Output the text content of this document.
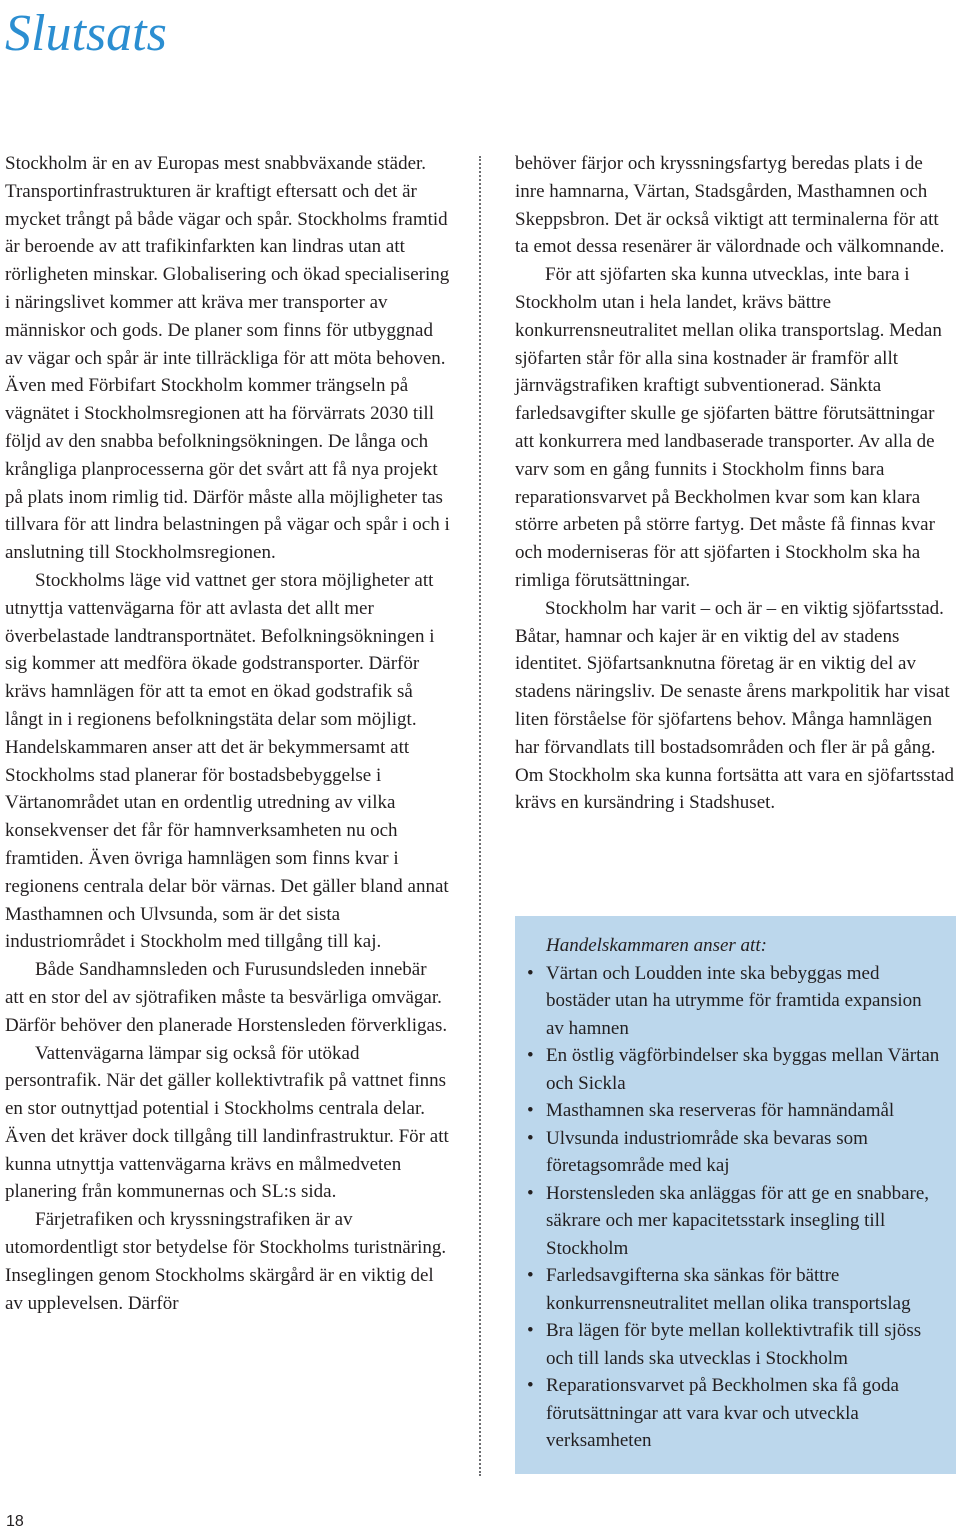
Slutsats

Stockholm är en av Europas mest snabbväxande städer. Transportinfrastrukturen är kraftigt eftersatt och det är mycket trångt på både vägar och spår. Stockholms framtid är beroende av att trafikinfarkten kan lindras utan att rörligheten minskar. Globalisering och ökad specialisering i näringslivet kommer att kräva mer transporter av människor och gods. De planer som finns för utbyggnad av vägar och spår är inte tillräckliga för att möta behoven. Även med Förbifart Stockholm kommer trängseln på vägnätet i Stockholmsregionen att ha förvärrats 2030 till följd av den snabba befolkningsökningen. De långa och krångliga planprocesserna gör det svårt att få nya projekt på plats inom rimlig tid. Därför måste alla möjligheter tas tillvara för att lindra belastningen på vägar och spår i och i anslutning till Stockholmsregionen.

Stockholms läge vid vattnet ger stora möjligheter att utnyttja vattenvägarna för att avlasta det allt mer överbelastade landtransportnätet. Befolkningsökningen i sig kommer att medföra ökade godstransporter. Därför krävs hamnlägen för att ta emot en ökad godstrafik så långt in i regionens befolkningstäta delar som möjligt. Handelskammaren anser att det är bekymmersamt att Stockholms stad planerar för bostadsbebyggelse i Värtanområdet utan en ordentlig utredning av vilka konsekvenser det får för hamnverksamheten nu och framtiden. Även övriga hamnlägen som finns kvar i regionens centrala delar bör värnas. Det gäller bland annat Masthamnen och Ulvsunda, som är det sista industriområdet i Stockholm med tillgång till kaj.

Både Sandhamnsleden och Furusundsleden innebär att en stor del av sjötrafiken måste ta besvärliga omvägar. Därför behöver den planerade Horstensleden förverkligas.

Vattenvägarna lämpar sig också för utökad persontrafik. När det gäller kollektivtrafik på vattnet finns en stor outnyttjad potential i Stockholms centrala delar. Även det kräver dock tillgång till landinfrastruktur. För att kunna utnyttja vattenvägarna krävs en målmedveten planering från kommunernas och SL:s sida.

Färjetrafiken och kryssningstrafiken är av utomordentligt stor betydelse för Stockholms turistnäring. Inseglingen genom Stockholms skärgård är en viktig del av upplevelsen. Därför

behöver färjor och kryssningsfartyg beredas plats i de inre hamnarna, Värtan, Stadsgården, Masthamnen och Skeppsbron. Det är också viktigt att terminalerna för att ta emot dessa resenärer är välordnade och välkomnande.

För att sjöfarten ska kunna utvecklas, inte bara i Stockholm utan i hela landet, krävs bättre konkurrensneutralitet mellan olika transportslag. Medan sjöfarten står för alla sina kostnader är framför allt järnvägstrafiken kraftigt subventionerad. Sänkta farledsavgifter skulle ge sjöfarten bättre förutsättningar att konkurrera med landbaserade transporter. Av alla de varv som en gång funnits i Stockholm finns bara reparationsvarvet på Beckholmen kvar som kan klara större arbeten på större fartyg. Det måste få finnas kvar och moderniseras för att sjöfarten i Stockholm ska ha rimliga förutsättningar.

Stockholm har varit – och är – en viktig sjöfartsstad. Båtar, hamnar och kajer är en viktig del av stadens identitet. Sjöfartsanknutna företag är en viktig del av stadens näringsliv. De senaste årens markpolitik har visat liten förståelse för sjöfartens behov. Många hamnlägen har förvandlats till bostadsområden och fler är på gång. Om Stockholm ska kunna fortsätta att vara en sjöfartsstad krävs en kursändring i Stadshuset.

Handelskammaren anser att:

• Värtan och Loudden inte ska bebyggas med bostäder utan ha utrymme för framtida expansion av hamnen
• En östlig vägförbindelser ska byggas mellan Värtan och Sickla
• Masthamnen ska reserveras för hamnändamål
• Ulvsunda industriområde ska bevaras som företagsområde med kaj
• Horstensleden ska anläggas för att ge en snabbare, säkrare och mer kapacitetsstark insegling till Stockholm
• Farledsavgifterna ska sänkas för bättre konkurrensneutralitet mellan olika transportslag
• Bra lägen för byte mellan kollektivtrafik till sjöss och till lands ska utvecklas i Stockholm
• Reparationsvarvet på Beckholmen ska få goda förutsättningar att vara kvar och utveckla verksamheten
18
